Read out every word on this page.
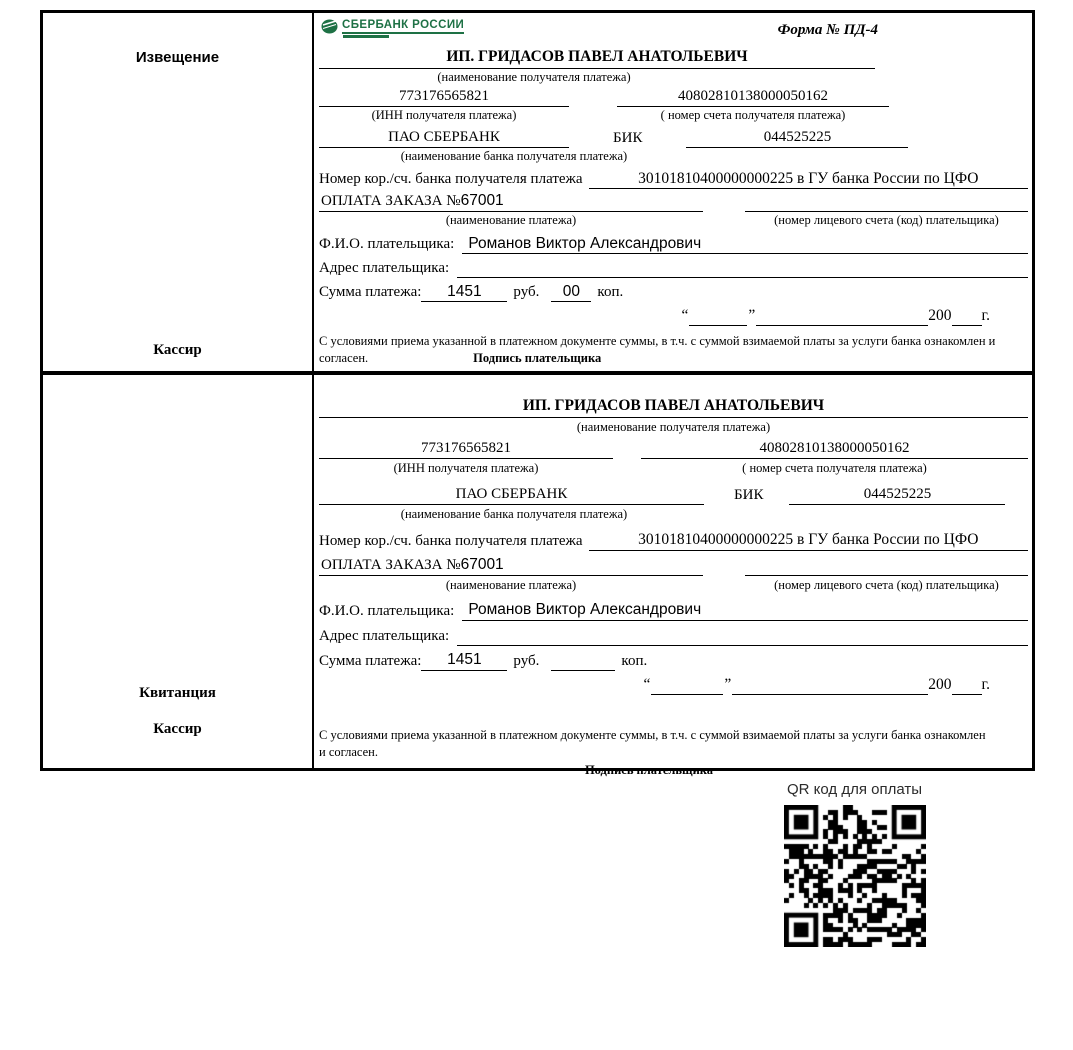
Извещение
Кассир
СБЕРБАНК РОССИИ	Форма № ПД-4
ИП. ГРИДАСОВ ПАВЕЛ АНАТОЛЬЕВИЧ
(наименование получателя платежа)
773176565821	40802810138000050162
(ИНН получателя платежа)	( номер счета получателя платежа)
ПАО СБЕРБАНК	БИК	044525225
(наименование банка получателя платежа)
Номер кор./сч. банка получателя платежа	30101810400000000225 в ГУ банка России по ЦФО
ОПЛАТА ЗАКАЗА №67001
(наименование платежа)	(номер лицевого счета (код) плательщика)
Ф.И.О. плательщика: Романов Виктор Александрович
Адрес плательщика:
Сумма платежа:	1451	руб.	00	коп.
“	”	200 г.
С условиями приема указанной в платежном документе суммы, в т.ч. с суммой взимаемой платы за услуги банка ознакомлен и согласен.	Подпись плательщика
Квитанция
Кассир
ИП. ГРИДАСОВ ПАВЕЛ АНАТОЛЬЕВИЧ
(наименование получателя платежа)
773176565821	40802810138000050162
(ИНН получателя платежа)	( номер счета получателя платежа)
ПАО СБЕРБАНК	БИК	044525225
(наименование банка получателя платежа)
Номер кор./сч. банка получателя платежа	30101810400000000225 в ГУ банка России по ЦФО
ОПЛАТА ЗАКАЗА №67001
(наименование платежа)	(номер лицевого счета (код) плательщика)
Ф.И.О. плательщика: Романов Виктор Александрович
Адрес плательщика:
Сумма платежа:	1451	руб.	коп.
“	”	200 г.
С условиями приема указанной в платежном документе суммы, в т.ч. с суммой взимаемой платы за услуги банка ознакомлен и согласен.
Подпись плательщика
QR код для оплаты
